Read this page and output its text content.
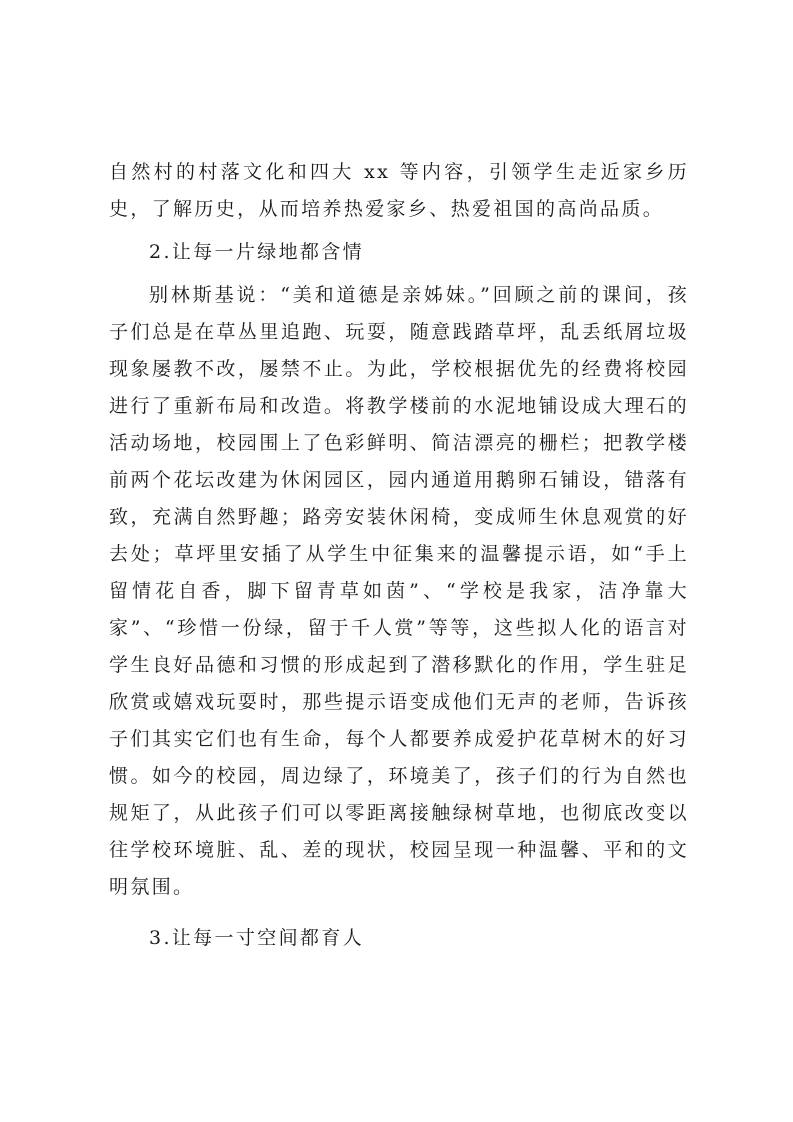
自然村的村落文化和四大 xx 等内容，引领学生走近家乡历史，了解历史，从而培养热爱家乡、热爱祖国的高尚品质。

2.让每一片绿地都含情

别林斯基说：“美和道德是亲姊妹。”回顾之前的课间，孩子们总是在草丛里追跑、玩耍，随意践踏草坪，乱丢纸屑垃圾现象屡教不改，屡禁不止。为此，学校根据优先的经费将校园进行了重新布局和改造。将教学楼前的水泥地铺设成大理石的活动场地，校园围上了色彩鲜明、简洁漂亮的栅栏；把教学楼前两个花坛改建为休闲园区，园内通道用鹅卵石铺设，错落有致，充满自然野趣；路旁安装休闲椅，变成师生休息观赏的好去处；草坪里安插了从学生中征集来的温馨提示语，如“手上留情花自香，脚下留青草如茵”、“学校是我家，洁净靠大家”、“珍惜一份绿，留于千人赏”等等，这些拟人化的语言对学生良好品德和习惯的形成起到了潜移默化的作用，学生驻足欣赏或嬉戏玩耍时，那些提示语变成他们无声的老师，告诉孩子们其实它们也有生命，每个人都要养成爱护花草树木的好习惯。如今的校园，周边绿了，环境美了，孩子们的行为自然也规矩了，从此孩子们可以零距离接触绿树草地，也彻底改变以往学校环境脏、乱、差的现状，校园呈现一种温馨、平和的文明氛围。

3.让每一寸空间都育人
